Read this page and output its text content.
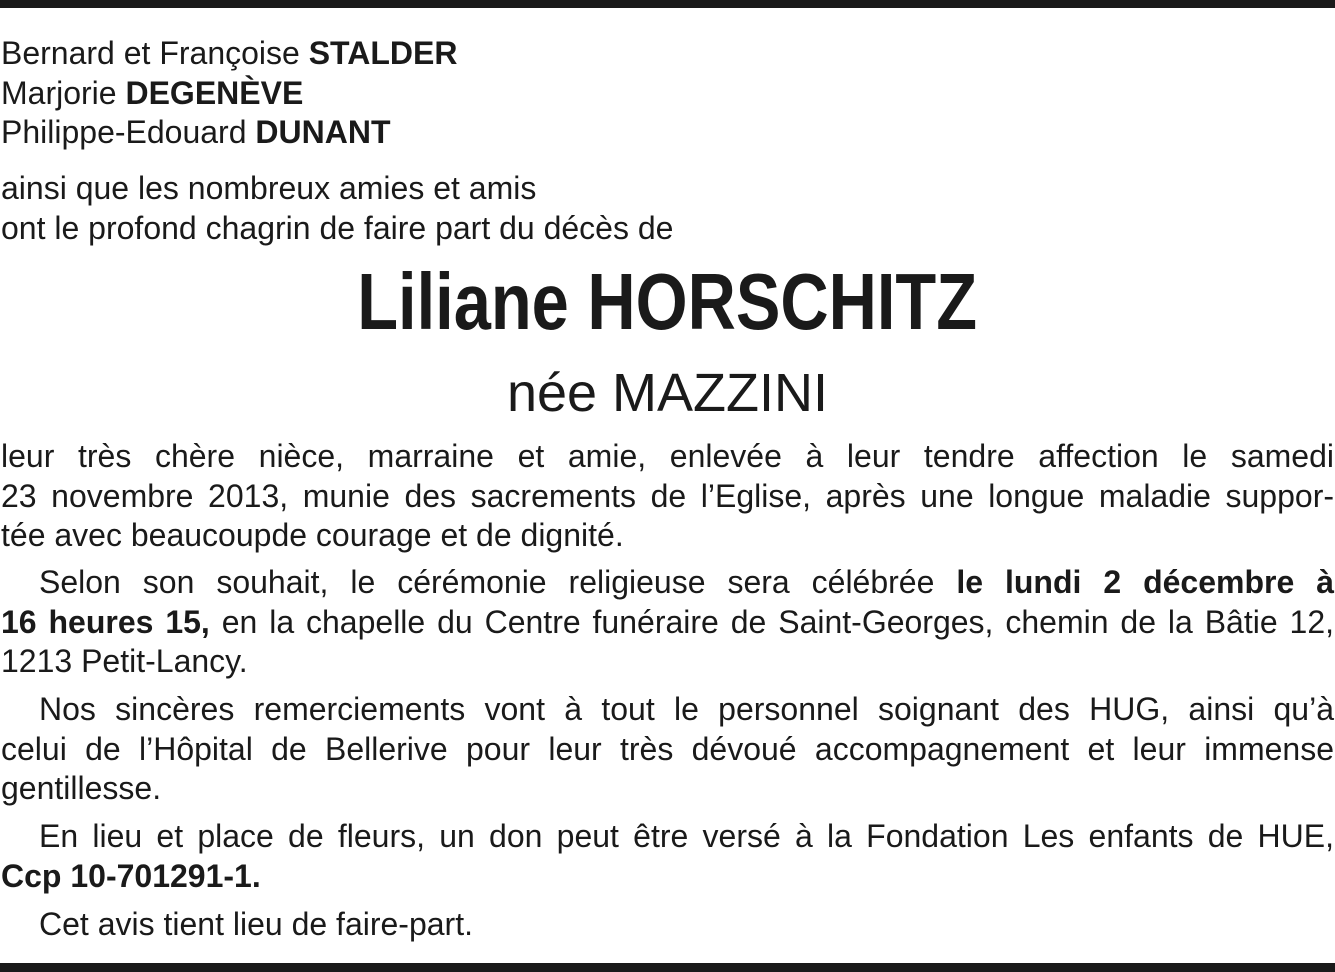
Bernard et Françoise STALDER
Marjorie DEGENÈVE
Philippe-Edouard DUNANT
ainsi que les nombreux amies et amis
ont le profond chagrin de faire part du décès de
Liliane HORSCHITZ
née MAZZINI
leur très chère nièce, marraine et amie, enlevée à leur tendre affection le samedi
23 novembre 2013, munie des sacrements de l’Eglise, après une longue maladie suppor-
tée avec beaucoupde courage et de dignité.
Selon son souhait, le cérémonie religieuse sera célébrée le lundi 2 décembre à
16 heures 15, en la chapelle du Centre funéraire de Saint-Georges, chemin de la Bâtie 12,
1213 Petit-Lancy.
Nos sincères remerciements vont à tout le personnel soignant des HUG, ainsi qu’à
celui de l’Hôpital de Bellerive pour leur très dévoué accompagnement et leur immense
gentillesse.
En lieu et place de fleurs, un don peut être versé à la Fondation Les enfants de HUE,
Ccp 10-701291-1.
Cet avis tient lieu de faire-part.
